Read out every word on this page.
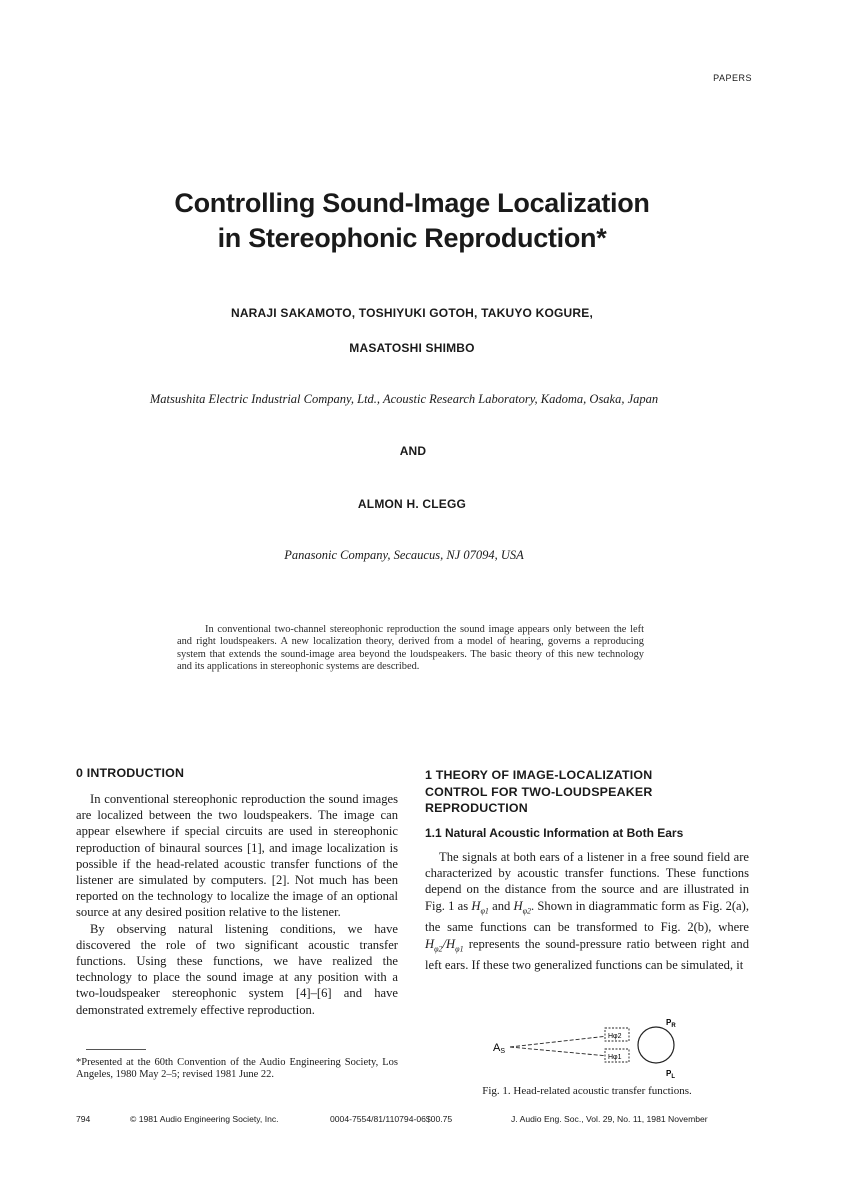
PAPERS
Controlling Sound-Image Localization
in Stereophonic Reproduction*
NARAJI SAKAMOTO, TOSHIYUKI GOTOH, TAKUYO KOGURE,
MASATOSHI SHIMBO
Matsushita Electric Industrial Company, Ltd., Acoustic Research Laboratory, Kadoma, Osaka, Japan
AND
ALMON H. CLEGG
Panasonic Company, Secaucus, NJ 07094, USA
In conventional two-channel stereophonic reproduction the sound image appears only between the left and right loudspeakers. A new localization theory, derived from a model of hearing, governs a reproducing system that extends the sound-image area beyond the loudspeakers. The basic theory of this new technology and its applications in stereophonic systems are described.
0 INTRODUCTION

In conventional stereophonic reproduction the sound images are localized between the two loudspeakers. The image can appear elsewhere if special circuits are used in stereophonic reproduction of binaural sources [1], and image localization is possible if the head-related acoustic transfer functions of the listener are simulated by computers. [2]. Not much has been reported on the technology to localize the image of an optional source at any desired position relative to the listener.

By observing natural listening conditions, we have discovered the role of two significant acoustic transfer functions. Using these functions, we have realized the technology to place the sound image at any position with a two-loudspeaker stereophonic system [4]–[6] and have demonstrated extremely effective reproduction.

*Presented at the 60th Convention of the Audio Engineering Society, Los Angeles, 1980 May 2–5; revised 1981 June 22.
1 THEORY OF IMAGE-LOCALIZATION
CONTROL FOR TWO-LOUDSPEAKER
REPRODUCTION
1.1 Natural Acoustic Information at Both Ears

The signals at both ears of a listener in a free sound field are characterized by acoustic transfer functions. These functions depend on the distance from the source and are illustrated in Fig. 1 as $H_{\varphi 1}$ and $H_{\varphi 2}$. Shown in diagrammatic form as Fig. 2(a), the same functions can be transformed to Fig. 2(b), where $H_{\varphi 2}/H_{\varphi 1}$ represents the sound-pressure ratio between right and left ears. If these two generalized functions can be simulated, it

AS
Hφ2
Hφ1
$P_R$
$P_L$
Fig. 1. Head-related acoustic transfer functions.
794	© 1981 Audio Engineering Society, Inc.	0004-7554/81/110794-06$00.75	J. Audio Eng. Soc., Vol. 29, No. 11, 1981 November
